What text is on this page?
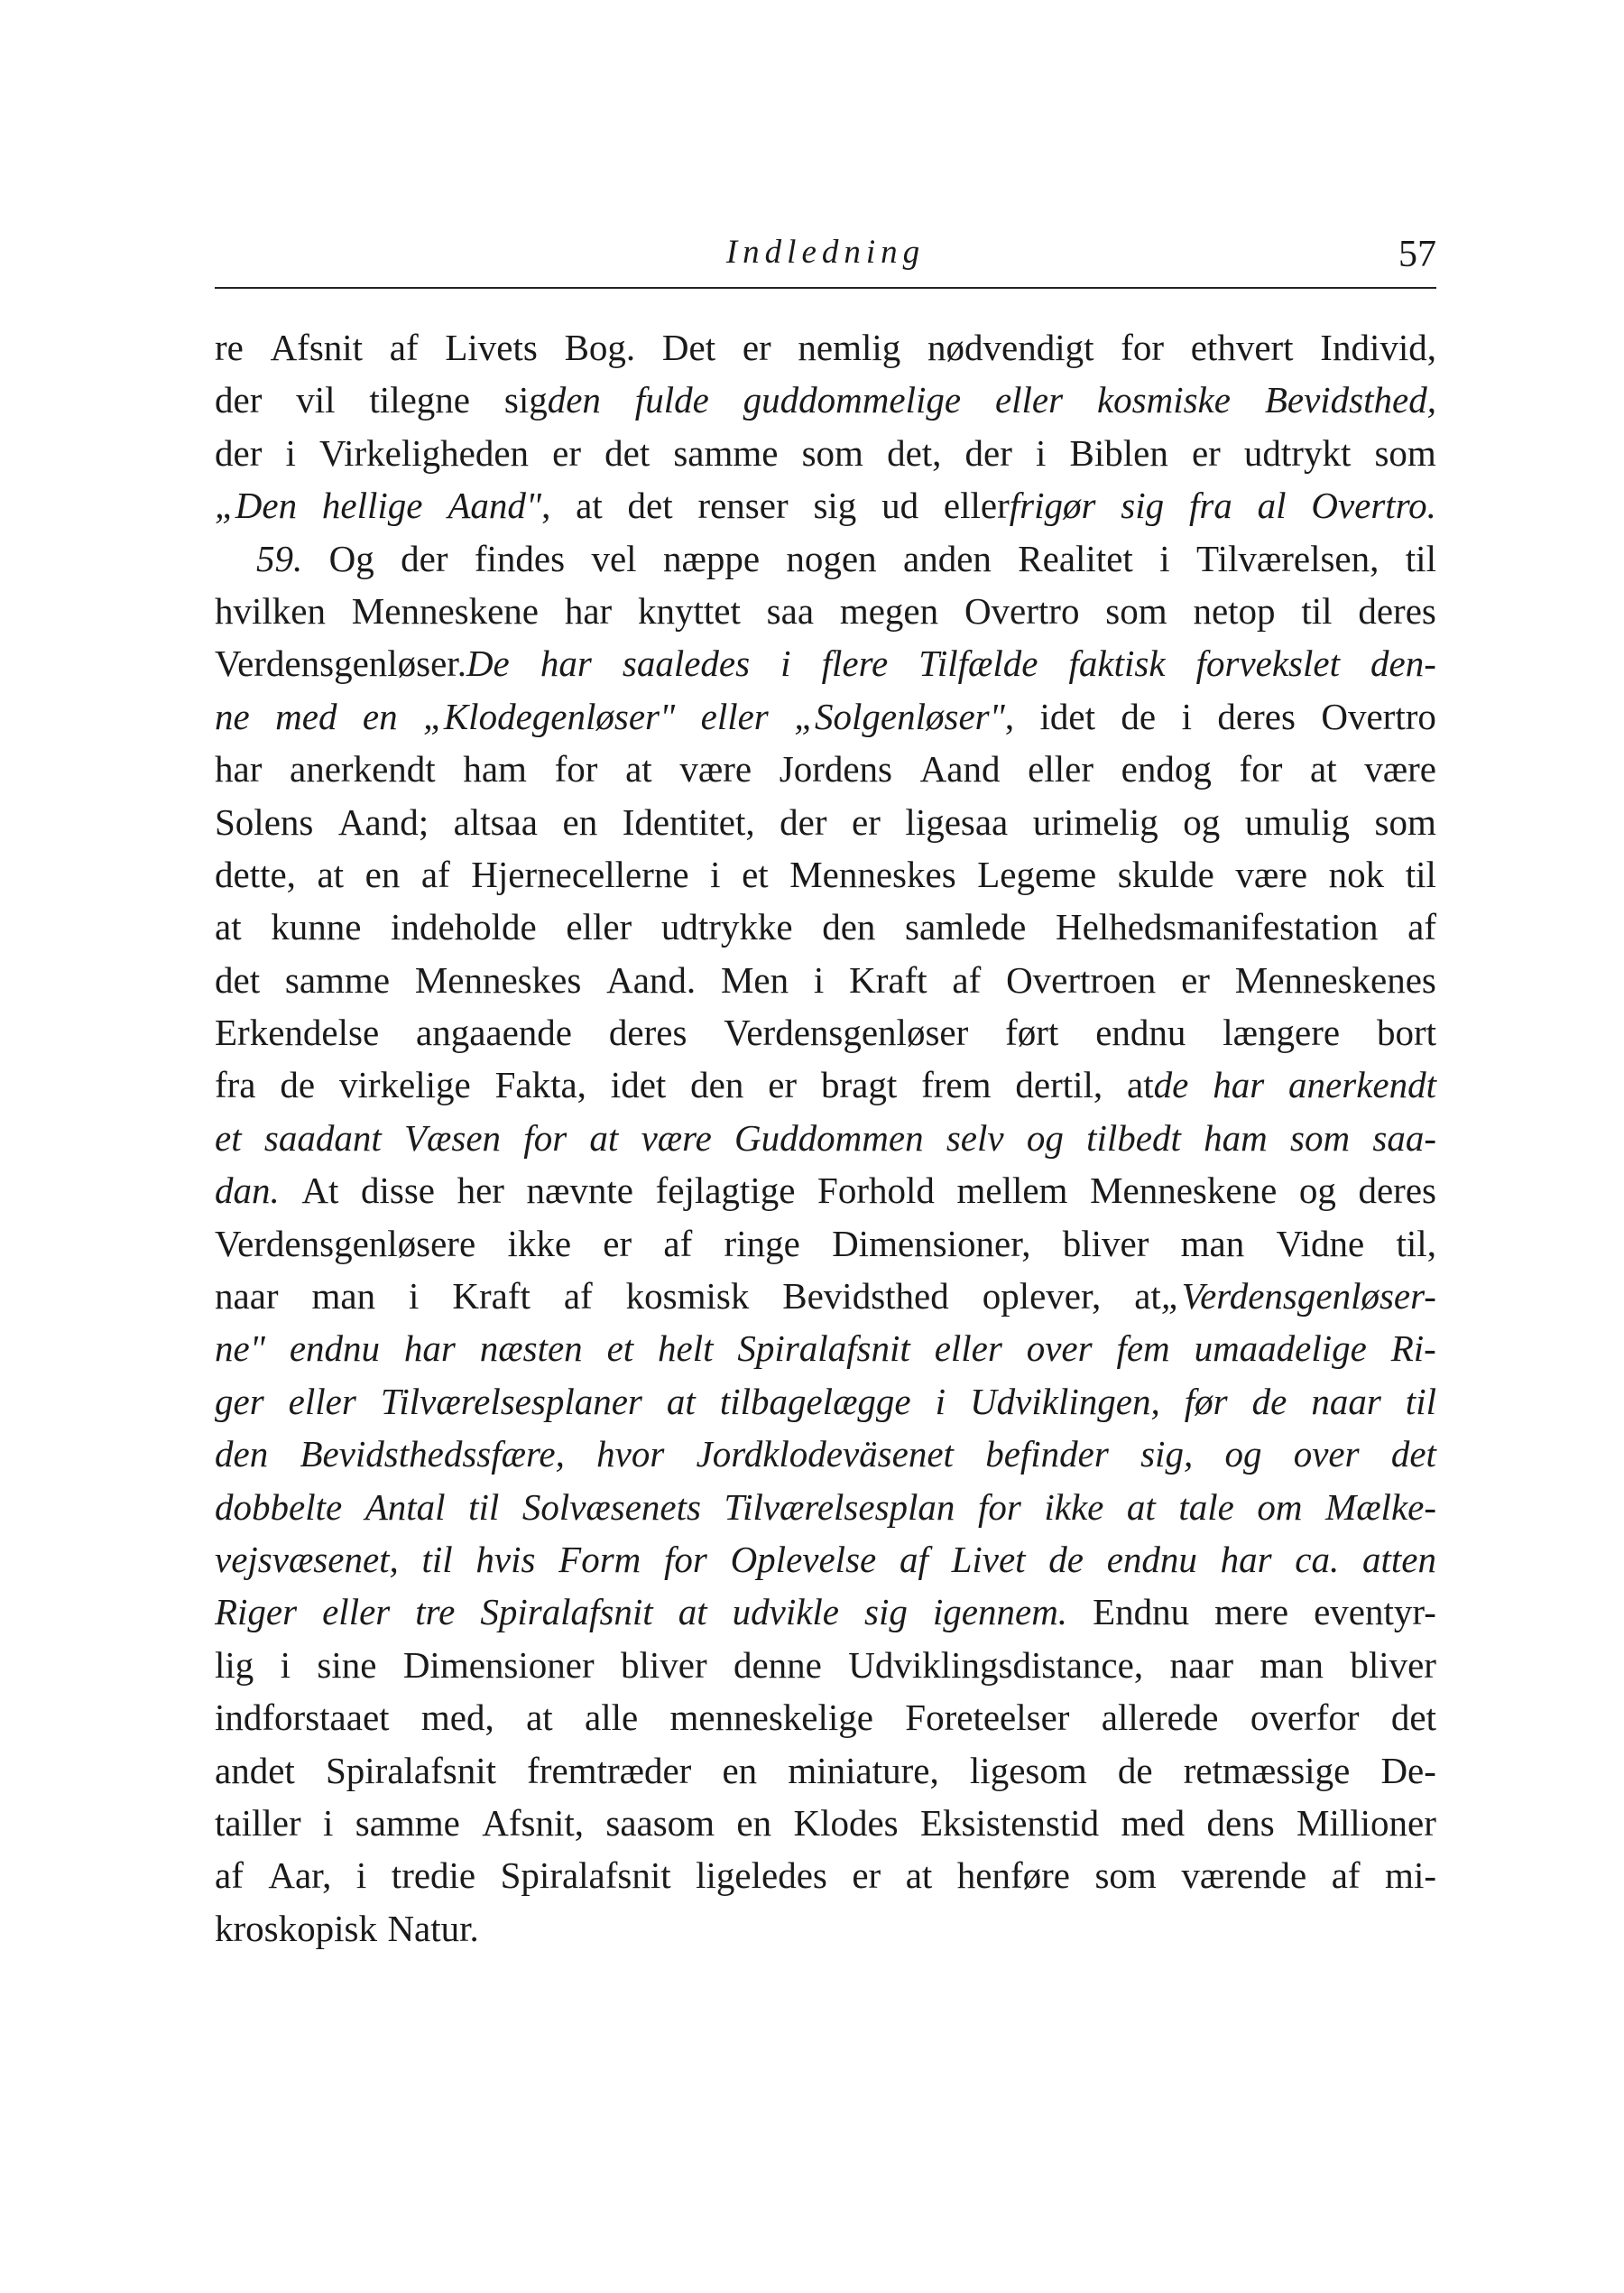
Indledning	57
re Afsnit af Livets Bog. Det er nemlig nødvendigt for ethvert Individ,
der vil tilegne sigden fulde guddommelige eller kosmiske Bevidsthed,
der i Virkeligheden er det samme som det, der i Biblen er udtrykt som
„Den hellige Aand", at det renser sig ud ellerfrigør sig fra al Overtro.
59. Og der findes vel næppe nogen anden Realitet i Tilværelsen, til
hvilken Menneskene har knyttet saa megen Overtro som netop til deres
Verdensgenløser.De har saaledes i flere Tilfælde faktisk forvekslet den-
ne med en „Klodegenløser" eller „Solgenløser", idet de i deres Overtro
har anerkendt ham for at være Jordens Aand eller endog for at være
Solens Aand; altsaa en Identitet, der er ligesaa urimelig og umulig som
dette, at en af Hjernecellerne i et Menneskes Legeme skulde være nok til
at kunne indeholde eller udtrykke den samlede Helhedsmanifestation af
det samme Menneskes Aand. Men i Kraft af Overtroen er Menneskenes
Erkendelse angaaende deres Verdensgenløser ført endnu længere bort
fra de virkelige Fakta, idet den er bragt frem dertil, atde har anerkendt
et saadant Væsen for at være Guddommen selv og tilbedt ham som saa-
dan. At disse her nævnte fejlagtige Forhold mellem Menneskene og deres
Verdensgenløsere ikke er af ringe Dimensioner, bliver man Vidne til,
naar man i Kraft af kosmisk Bevidsthed oplever, at„Verdensgenløser-
ne" endnu har næsten et helt Spiralafsnit eller over fem umaadelige Ri-
ger eller Tilværelsesplaner at tilbagelægge i Udviklingen, før de naar til
den Bevidsthedssfære, hvor Jordklodeväsenet befinder sig, og over det
dobbelte Antal til Solvæsenets Tilværelsesplan for ikke at tale om Mælke-
vejsvæsenet, til hvis Form for Oplevelse af Livet de endnu har ca. atten
Riger eller tre Spiralafsnit at udvikle sig igennem. Endnu mere eventyr-
lig i sine Dimensioner bliver denne Udviklingsdistance, naar man bliver
indforstaaet med, at alle menneskelige Foreteelser allerede overfor det
andet Spiralafsnit fremtræder en miniature, ligesom de retmæssige De-
tailler i samme Afsnit, saasom en Klodes Eksistenstid med dens Millioner
af Aar, i tredie Spiralafsnit ligeledes er at henføre som værende af mi-
kroskopisk Natur.
